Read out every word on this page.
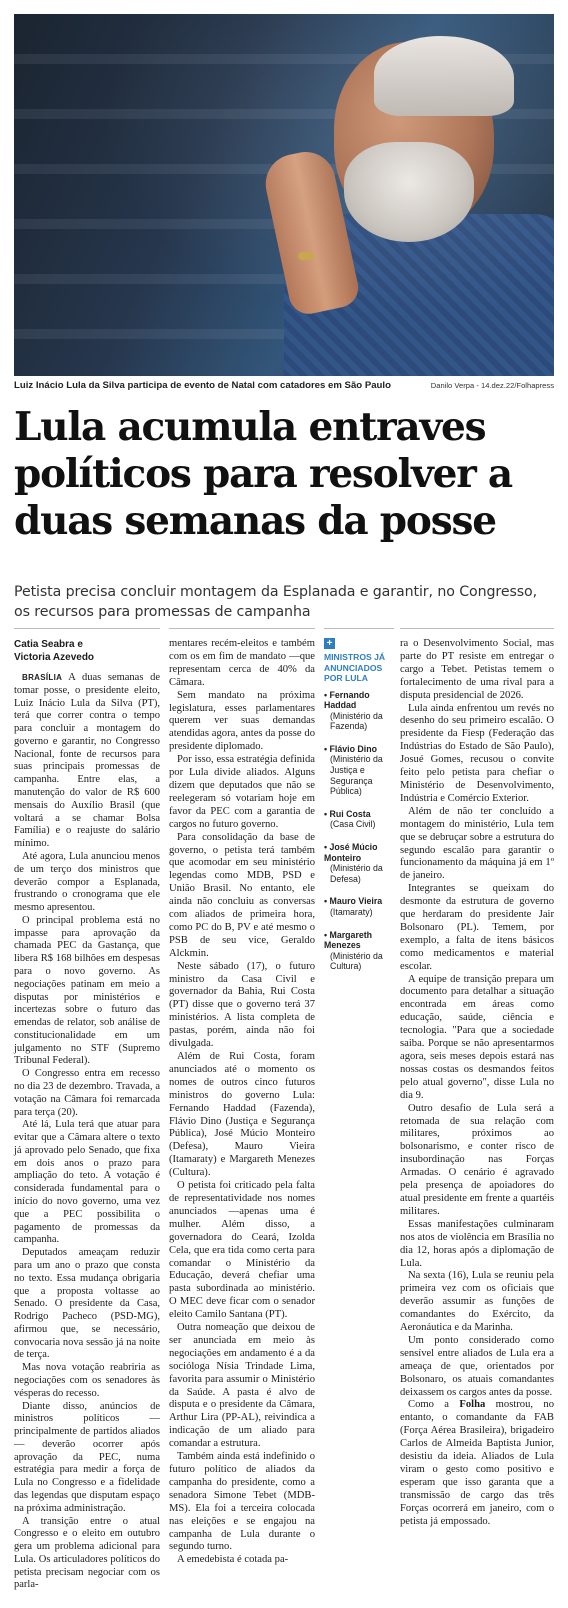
Luiz Inácio Lula da Silva participa de evento de Natal com catadores em São Paulo	Danilo Verpa - 14.dez.22/Folhapress
Lula acumula entraves políticos para resolver a duas semanas da posse

Petista precisa concluir montagem da Esplanada e garantir, no Congresso, os recursos para promessas de campanha

Catia Seabra e
Victoria Azevedo

BRASÍLIA A duas semanas de tomar posse, o presidente eleito, Luiz Inácio Lula da Silva (PT), terá que correr contra o tempo para concluir a montagem do governo e garantir, no Congresso Nacional, fonte de recursos para suas principais promessas de campanha. Entre elas, a manutenção do valor de R$ 600 mensais do Auxílio Brasil (que voltará a se chamar Bolsa Família) e o reajuste do salário mínimo.

Até agora, Lula anunciou menos de um terço dos ministros que deverão compor a Esplanada, frustrando o cronograma que ele mesmo apresentou.

O principal problema está no impasse para aprovação da chamada PEC da Gastança, que libera R$ 168 bilhões em despesas para o novo governo. As negociações patinam em meio a disputas por ministérios e incertezas sobre o futuro das emendas de relator, sob análise de constitucionalidade em um julgamento no STF (Supremo Tribunal Federal).

O Congresso entra em recesso no dia 23 de dezembro. Travada, a votação na Câmara foi remarcada para terça (20).

Até lá, Lula terá que atuar para evitar que a Câmara altere o texto já aprovado pelo Senado, que fixa em dois anos o prazo para ampliação do teto. A votação é considerada fundamental para o início do novo governo, uma vez que a PEC possibilita o pagamento de promessas da campanha.

Deputados ameaçam reduzir para um ano o prazo que consta no texto. Essa mudança obrigaria que a proposta voltasse ao Senado. O presidente da Casa, Rodrigo Pacheco (PSD-MG), afirmou que, se necessário, convocaria nova sessão já na noite de terça.

Mas nova votação reabriria as negociações com os senadores às vésperas do recesso.

Diante disso, anúncios de ministros políticos —principalmente de partidos aliados— deverão ocorrer após aprovação da PEC, numa estratégia para medir a força de Lula no Congresso e a fidelidade das legendas que disputam espaço na próxima administração.

A transição entre o atual Congresso e o eleito em outubro gera um problema adicional para Lula. Os articuladores políticos do petista precisam negociar com os parla-

mentares recém-eleitos e também com os em fim de mandato —que representam cerca de 40% da Câmara.

Sem mandato na próxima legislatura, esses parlamentares querem ver suas demandas atendidas agora, antes da posse do presidente diplomado.

Por isso, essa estratégia definida por Lula divide aliados. Alguns dizem que deputados que não se reelegeram só votariam hoje em favor da PEC com a garantia de cargos no futuro governo.

Para consolidação da base de governo, o petista terá também que acomodar em seu ministério legendas como MDB, PSD e União Brasil. No entanto, ele ainda não concluiu as conversas com aliados de primeira hora, como PC do B, PV e até mesmo o PSB de seu vice, Geraldo Alckmin.

Neste sábado (17), o futuro ministro da Casa Civil e governador da Bahia, Rui Costa (PT) disse que o governo terá 37 ministérios. A lista completa de pastas, porém, ainda não foi divulgada.

Além de Rui Costa, foram anunciados até o momento os nomes de outros cinco futuros ministros do governo Lula: Fernando Haddad (Fazenda), Flávio Dino (Justiça e Segurança Pública), José Múcio Monteiro (Defesa), Mauro Vieira (Itamaraty) e Margareth Menezes (Cultura).

O petista foi criticado pela falta de representatividade nos nomes anunciados —apenas uma é mulher. Além disso, a governadora do Ceará, Izolda Cela, que era tida como certa para comandar o Ministério da Educação, deverá chefiar uma pasta subordinada ao ministério. O MEC deve ficar com o senador eleito Camilo Santana (PT).

Outra nomeação que deixou de ser anunciada em meio às negociações em andamento é a da socióloga Nísia Trindade Lima, favorita para assumir o Ministério da Saúde. A pasta é alvo de disputa e o presidente da Câmara, Arthur Lira (PP-AL), reivindica a indicação de um aliado para comandar a estrutura.

Também ainda está indefinido o futuro político de aliados da campanha do presidente, como a senadora Simone Tebet (MDB-MS). Ela foi a terceira colocada nas eleições e se engajou na campanha de Lula durante o segundo turno.

A emedebista é cotada pa-

+

MINISTROS JÁ ANUNCIADOS POR LULA

• Fernando Haddad
(Ministério da Fazenda)
• Flávio Dino
(Ministério da Justiça e Segurança Pública)
• Rui Costa
(Casa Civil)
• José Múcio Monteiro
(Ministério da Defesa)
• Mauro Vieira
(Itamaraty)
• Margareth Menezes
(Ministério da Cultura)

ra o Desenvolvimento Social, mas parte do PT resiste em entregar o cargo a Tebet. Petistas temem o fortalecimento de uma rival para a disputa presidencial de 2026.

Lula ainda enfrentou um revés no desenho do seu primeiro escalão. O presidente da Fiesp (Federação das Indústrias do Estado de São Paulo), Josué Gomes, recusou o convite feito pelo petista para chefiar o Ministério de Desenvolvimento, Indústria e Comércio Exterior.

Além de não ter concluído a montagem do ministério, Lula tem que se debruçar sobre a estrutura do segundo escalão para garantir o funcionamento da máquina já em 1º de janeiro.

Integrantes se queixam do desmonte da estrutura de governo que herdaram do presidente Jair Bolsonaro (PL). Temem, por exemplo, a falta de itens básicos como medicamentos e material escolar.

A equipe de transição prepara um documento para detalhar a situação encontrada em áreas como educação, saúde, ciência e tecnologia. "Para que a sociedade saiba. Porque se não apresentarmos agora, seis meses depois estará nas nossas costas os desmandos feitos pelo atual governo", disse Lula no dia 9.

Outro desafio de Lula será a retomada de sua relação com militares, próximos ao bolsonarismo, e conter risco de insubordinação nas Forças Armadas. O cenário é agravado pela presença de apoiadores do atual presidente em frente a quartéis militares.

Essas manifestações culminaram nos atos de violência em Brasília no dia 12, horas após a diplomação de Lula.

Na sexta (16), Lula se reuniu pela primeira vez com os oficiais que deverão assumir as funções de comandantes do Exército, da Aeronáutica e da Marinha.

Um ponto considerado como sensível entre aliados de Lula era a ameaça de que, orientados por Bolsonaro, os atuais comandantes deixassem os cargos antes da posse.

Como a Folha mostrou, no entanto, o comandante da FAB (Força Aérea Brasileira), brigadeiro Carlos de Almeida Baptista Junior, desistiu da ideia. Aliados de Lula viram o gesto como positivo e esperam que isso garanta que a transmissão de cargo das três Forças ocorrerá em janeiro, com o petista já empossado.
